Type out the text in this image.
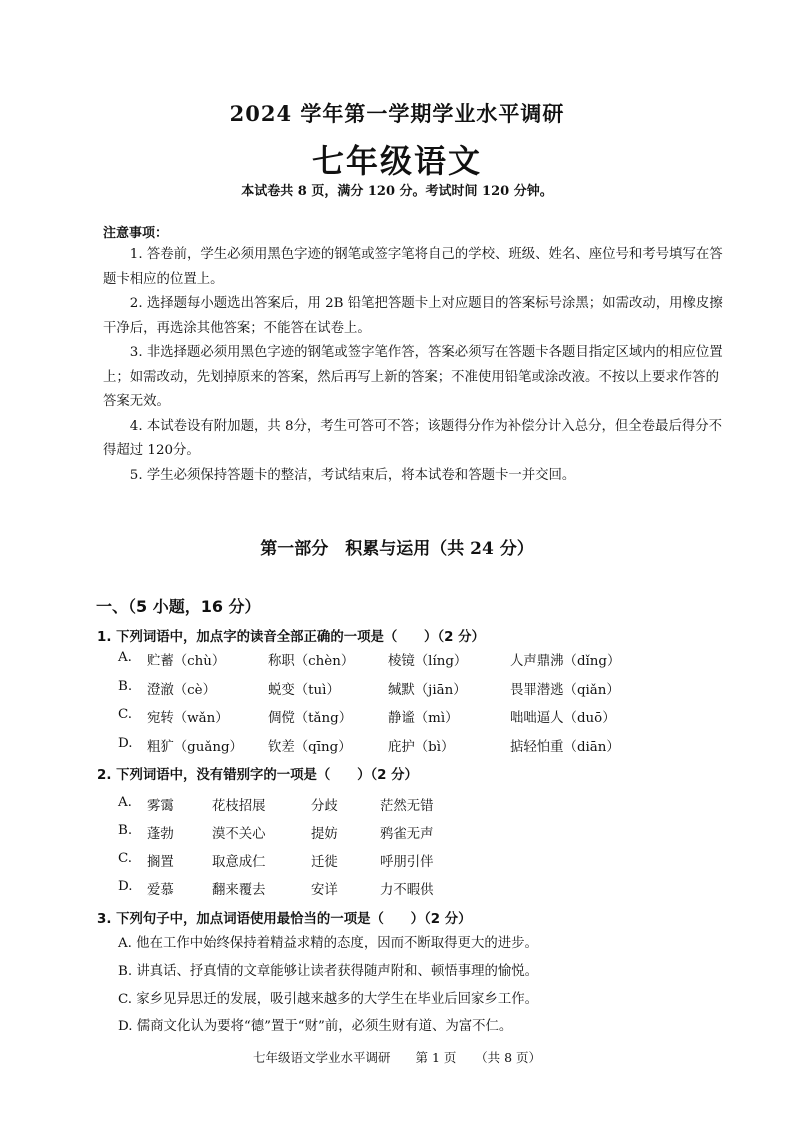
2024 学年第一学期学业水平调研
七年级语文
本试卷共 8 页，满分 120 分。考试时间 120 分钟。
注意事项：

1. 答卷前，学生必须用黑色字迹的钢笔或签字笔将自己的学校、班级、姓名、座位号和考号填写在答题卡相应的位置上。

2. 选择题每小题选出答案后，用 2B 铅笔把答题卡上对应题目的答案标号涂黑；如需改动，用橡皮擦干净后，再选涂其他答案；不能答在试卷上。

3. 非选择题必须用黑色字迹的钢笔或签字笔作答，答案必须写在答题卡各题目指定区域内的相应位置上；如需改动，先划掉原来的答案，然后再写上新的答案；不准使用铅笔或涂改液。不按以上要求作答的答案无效。

4. 本试卷设有附加题，共 8分，考生可答可不答；该题得分作为补偿分计入总分，但全卷最后得分不得超过 120分。

5. 学生必须保持答题卡的整洁，考试结束后，将本试卷和答题卡一并交回。

第一部分　积累与运用（共 24 分）
一、（5 小题，16 分）
1. 下列词语中，加点字的读音全部正确的一项是（　　）（2 分）
A. 贮蓄（chù）	称职（chèn）	棱镜（líng）	人声鼎沸（dǐng）
B. 澄澈（cè）	蜕变（tuì）	缄默（jiān）	畏罪潜逃（qiǎn）
C. 宛转（wǎn）	倜傥（tǎng）	静谧（mì）	咄咄逼人（duō）
D. 粗犷（guǎng） 钦差（qīng）	庇护（bì）	掂轻怕重（diān）
2. 下列词语中，没有错别字的一项是（　　）（2 分）
A. 雾霭	花枝招展	分歧	茫然无错
B. 蓬勃	漠不关心	提妨	鸦雀无声
C. 搁置	取意成仁	迁徙	呼朋引伴
D. 爱慕	翻来覆去	安详	力不暇供
3. 下列句子中，加点词语使用最恰当的一项是（　　）（2 分）
A. 他在工作中始终保持着精益求精的态度，因而不断取得更大的进步。
B. 讲真话、抒真情的文章能够让读者获得随声附和、顿悟事理的愉悦。
C. 家乡见异思迁的发展，吸引越来越多的大学生在毕业后回家乡工作。
D. 儒商文化认为要将“德”置于“财”前，必须生财有道、为富不仁。
七年级语文学业水平调研　　第 1 页　　（共 8 页）
